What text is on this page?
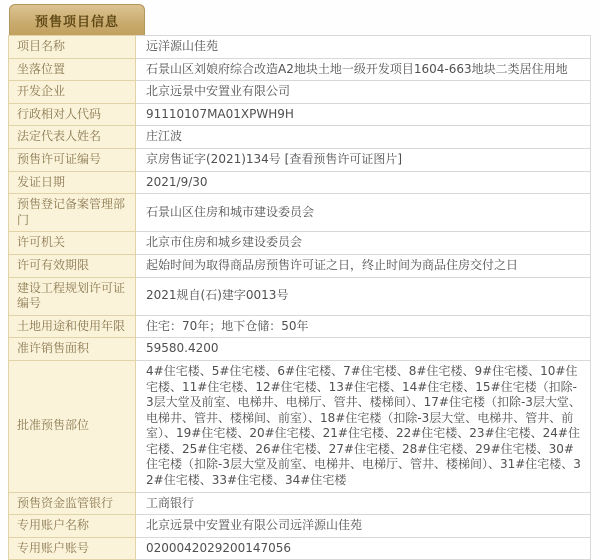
预售项目信息
项目名称	远洋源山佳苑
坐落位置	石景山区刘娘府综合改造A2地块土地一级开发项目1604-663地块二类居住用地
开发企业	北京远景中安置业有限公司
行政相对人代码	91110107MA01XPWH9H
法定代表人姓名	庄江波
预售许可证编号	京房售证字(2021)134号 [查看预售许可证图片]
发证日期	2021/9/30
预售登记备案管理部门	石景山区住房和城市建设委员会
许可机关	北京市住房和城乡建设委员会
许可有效期限	起始时间为取得商品房预售许可证之日，终止时间为商品住房交付之日
建设工程规划许可证编号	2021规自(石)建字0013号
土地用途和使用年限	住宅：70年；地下仓储：50年
准许销售面积	59580.4200
批准预售部位	4#住宅楼、5#住宅楼、6#住宅楼、7#住宅楼、8#住宅楼、9#住宅楼、10#住宅楼、11#住宅楼、12#住宅楼、13#住宅楼、14#住宅楼、15#住宅楼（扣除-3层大堂及前室、电梯井、电梯厅、管井、楼梯间）、17#住宅楼（扣除-3层大堂、电梯井、管井、楼梯间、前室）、18#住宅楼（扣除-3层大堂、电梯井、管井、前室）、19#住宅楼、20#住宅楼、21#住宅楼、22#住宅楼、23#住宅楼、24#住宅楼、25#住宅楼、26#住宅楼、27#住宅楼、28#住宅楼、29#住宅楼、30#住宅楼（扣除-3层大堂及前室、电梯井、电梯厅、管井、楼梯间）、31#住宅楼、32#住宅楼、33#住宅楼、34#住宅楼
预售资金监管银行	工商银行
专用账户名称	北京远景中安置业有限公司远洋源山佳苑
专用账户账号	0200042029200147056
